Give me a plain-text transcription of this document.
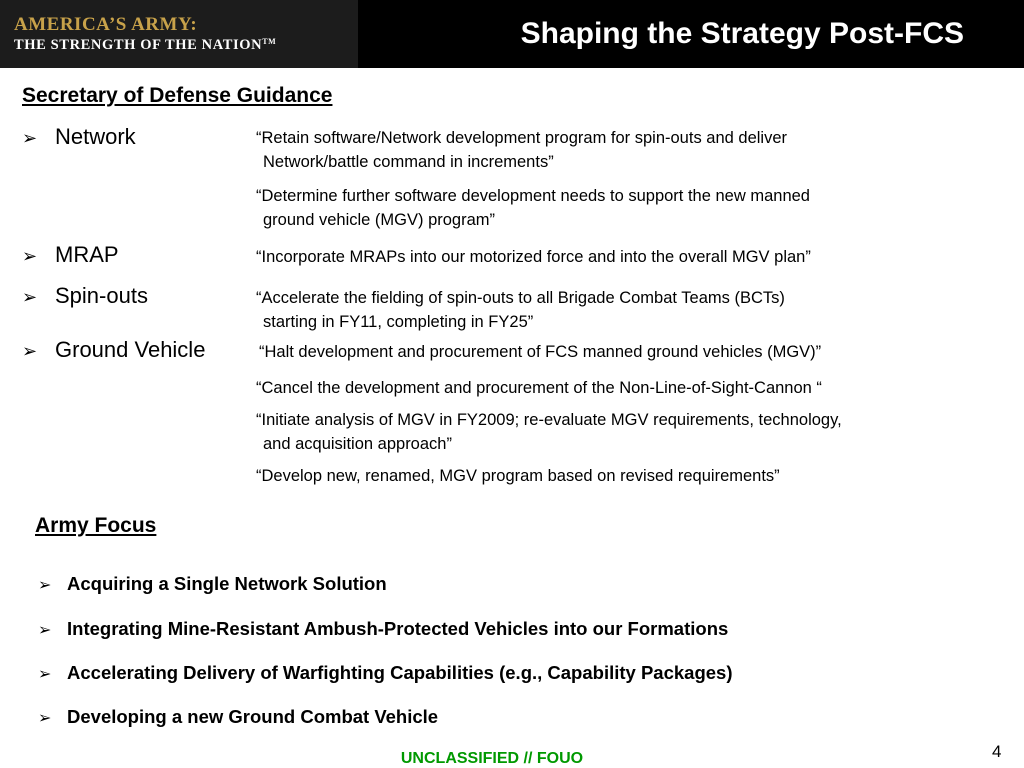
AMERICA’S ARMY:
THE STRENGTH OF THE NATION™	Shaping the Strategy Post-FCS
Secretary of Defense Guidance
➢ Network	“Retain software/Network development program for spin-outs and deliver
Network/battle command in increments”
“Determine further software development needs to support the new manned
ground vehicle (MGV) program”
➢ MRAP	“Incorporate MRAPs into our motorized force and into the overall MGV plan”
➢ Spin-outs	“Accelerate the fielding of spin-outs to all Brigade Combat Teams (BCTs)
starting in FY11, completing in FY25”
➢ Ground Vehicle	“Halt development and procurement of FCS manned ground vehicles (MGV)”
“Cancel the development and procurement of the Non-Line-of-Sight-Cannon “
“Initiate analysis of MGV in FY2009; re-evaluate MGV requirements, technology,
and acquisition approach”
“Develop new, renamed, MGV program based on revised requirements”
Army Focus
➢ Acquiring a Single Network Solution
➢ Integrating Mine-Resistant Ambush-Protected Vehicles into our Formations
➢ Accelerating Delivery of Warfighting Capabilities (e.g., Capability Packages)
➢ Developing a new Ground Combat Vehicle
UNCLASSIFIED // FOUO	4
